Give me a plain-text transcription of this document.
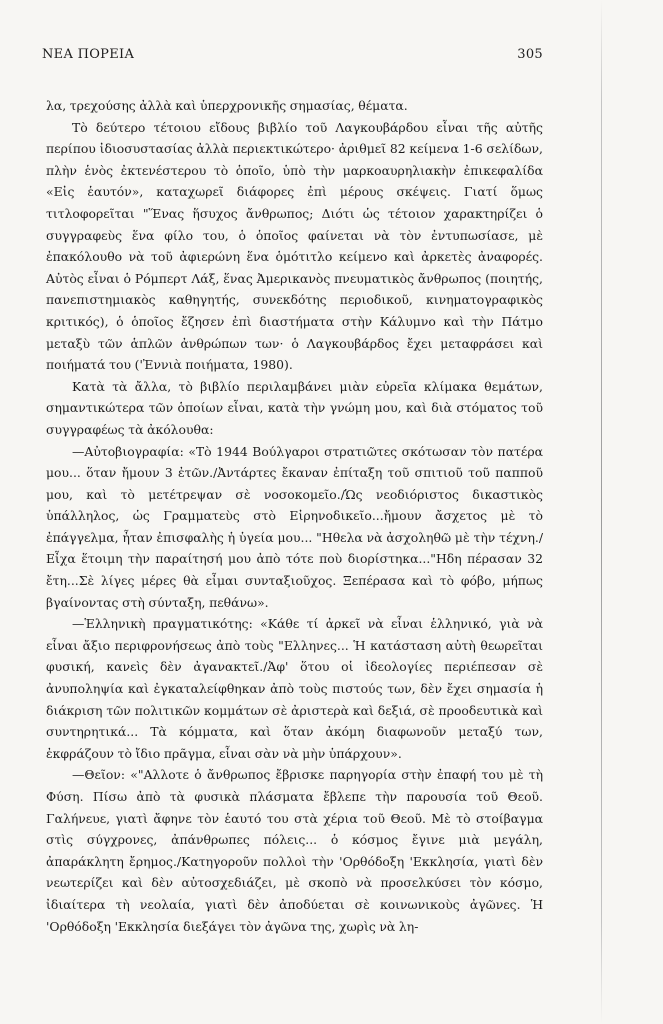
ΝΕΑ ΠΟΡΕΙΑ	305

λα, τρεχούσης ἀλλὰ καὶ ὑπερχρονικῆς σημασίας, θέματα.

Τὸ δεύτερο τέτοιου εἴδους βιβλίο τοῦ Λαγκουβάρδου εἶναι τῆς αὐτῆς περίπου ἰδιοσυστασίας ἀλλὰ περιεκτικώτερο· ἀριθμεῖ 82 κείμενα 1-6 σελίδων, πλὴν ἑνὸς ἐκτενέστερου τὸ ὁποῖο, ὑπὸ τὴν μαρκοαυρηλιακὴν ἐπικεφαλίδα «Εἰς ἑαυτόν», καταχωρεῖ διάφορες ἐπὶ μέρους σκέψεις. Γιατί ὅμως τιτλοφορεῖται "Ἕνας ἥσυχος ἄνθρωπος; Διότι ὡς τέτοιον χαρακτηρίζει ὁ συγγραφεὺς ἕνα φίλο του, ὁ ὁποῖος φαίνεται νὰ τὸν ἐντυπωσίασε, μὲ ἐπακόλουθο νὰ τοῦ ἀφιερώνη ἕνα ὁμότιτλο κείμενο καὶ ἀρκετὲς ἀναφορές. Αὐτὸς εἶναι ὁ Ρόμπερτ Λάξ, ἕνας Ἀμερικανὸς πνευματικὸς ἄνθρωπος (ποιητής, πανεπιστημιακὸς καθηγητής, συνεκδότης περιοδικοῦ, κινηματογραφικὸς κριτικός), ὁ ὁποῖος ἔζησεν ἐπὶ διαστήματα στὴν Κάλυμνο καὶ τὴν Πάτμο μεταξὺ τῶν ἁπλῶν ἀνθρώπων των· ὁ Λαγκουβάρδος ἔχει μεταφράσει καὶ ποιήματά του ('Ἐννιὰ ποιήματα, 1980).

Κατὰ τὰ ἄλλα, τὸ βιβλίο περιλαμβάνει μιὰν εὐρεῖα κλίμακα θεμάτων, σημαντικώτερα τῶν ὁποίων εἶναι, κατὰ τὴν γνώμη μου, καὶ διὰ στόματος τοῦ συγγραφέως τὰ ἀκόλουθα:

—Αὐτοβιογραφία: «Τὸ 1944 Βούλγαροι στρατιῶτες σκότωσαν τὸν πατέρα μου... ὅταν ἤμουν 3 ἐτῶν./Ἀντάρτες ἔκαναν ἐπίταξη τοῦ σπιτιοῦ τοῦ παπποῦ μου, καὶ τὸ μετέτρεψαν σὲ νοσοκομεῖο./Ὡς νεοδιόριστος δικαστικὸς ὑπάλληλος, ὡς Γραμματεὺς στὸ Εἰρηνοδικεῖο...ἤμουν ἄσχετος μὲ τὸ ἐπάγγελμα, ἦταν ἐπισφαλὴς ἡ ὑγεία μου... "Ηθελα νὰ ἀσχοληθῶ μὲ τὴν τέχνη./Εἶχα ἕτοιμη τὴν παραίτησή μου ἀπὸ τότε ποὺ διορίστηκα..."Ηδη πέρασαν 32 ἔτη...Σὲ λίγες μέρες θὰ εἶμαι συνταξιοῦχος. Ξεπέρασα καὶ τὸ φόβο, μήπως βγαίνοντας στὴ σύνταξη, πεθάνω».

—Ἑλληνικὴ πραγματικότης: «Κάθε τί ἀρκεῖ νὰ εἶναι ἑλληνικό, γιὰ νὰ εἶναι ἄξιο περιφρονήσεως ἀπὸ τοὺς "Ελληνες... Ἡ κατάσταση αὐτὴ θεωρεῖται φυσική, κανεὶς δὲν ἀγανακτεῖ./Ἀφ' ὅτου οἱ ἰδεολογίες περιέπεσαν σὲ ἀνυποληψία καὶ ἐγκαταλείφθηκαν ἀπὸ τοὺς πιστούς των, δὲν ἔχει σημασία ἡ διάκριση τῶν πολιτικῶν κομμάτων σὲ ἀριστερὰ καὶ δεξιά, σὲ προοδευτικὰ καὶ συντηρητικά... Τὰ κόμματα, καὶ ὅταν ἀκόμη διαφωνοῦν μεταξύ των, ἐκφράζουν τὸ ἴδιο πρᾶγμα, εἶναι σὰν νὰ μὴν ὑπάρχουν».

—Θεῖον: «"Αλλοτε ὁ ἄνθρωπος ἔβρισκε παρηγορία στὴν ἐπαφή του μὲ τὴ Φύση. Πίσω ἀπὸ τὰ φυσικὰ πλάσματα ἔβλεπε τὴν παρουσία τοῦ Θεοῦ. Γαλήνευε, γιατὶ ἄφηνε τὸν ἑαυτό του στὰ χέρια τοῦ Θεοῦ. Μὲ τὸ στοίβαγμα στὶς σύγχρονες, ἀπάνθρωπες πόλεις... ὁ κόσμος ἔγινε μιὰ μεγάλη, ἀπαράκλητη ἔρημος./Κατηγοροῦν πολλοὶ τὴν 'Ορθόδοξη 'Εκκλησία, γιατὶ δὲν νεωτερίζει καὶ δὲν αὐτοσχεδιάζει, μὲ σκοπὸ νὰ προσελκύσει τὸν κόσμο, ἰδιαίτερα τὴ νεολαία, γιατὶ δὲν ἀποδύεται σὲ κοινωνικοὺς ἀγῶνες. Ἡ 'Ορθόδοξη 'Εκκλησία διεξάγει τὸν ἀγῶνα της, χωρὶς νὰ λη-
